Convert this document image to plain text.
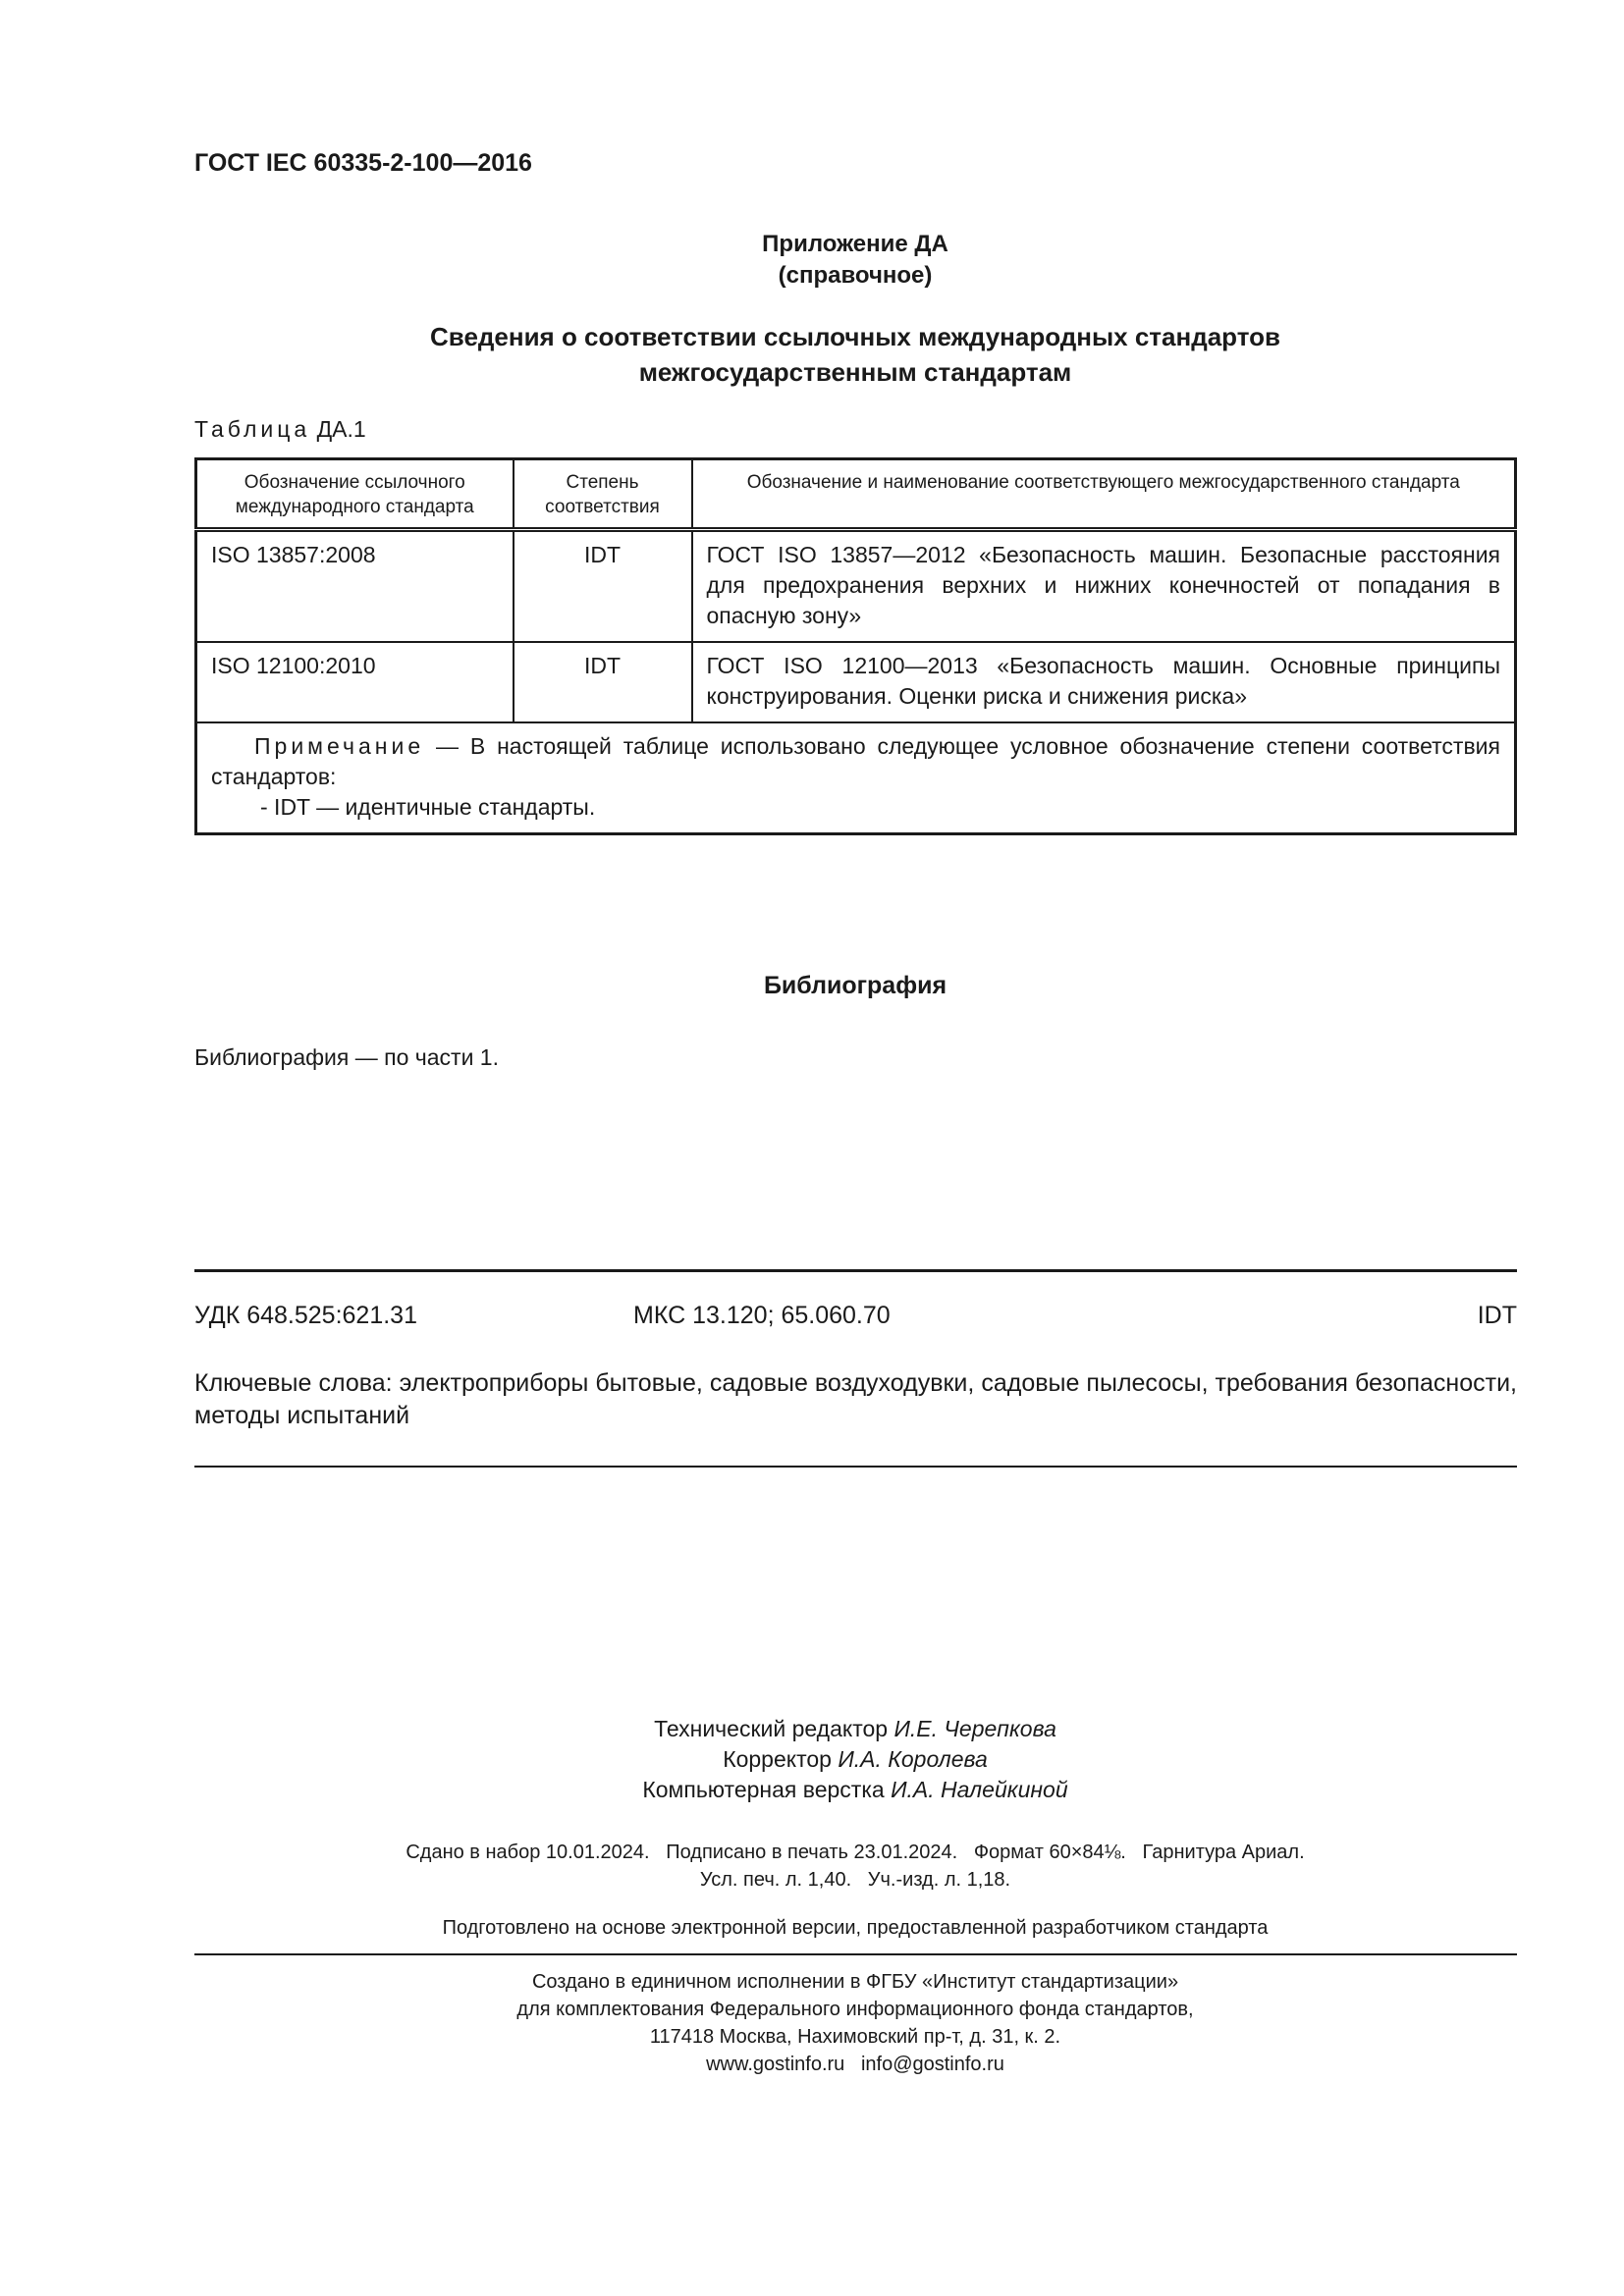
ГОСТ IEC 60335-2-100—2016
Приложение ДА
(справочное)
Сведения о соответствии ссылочных международных стандартов
межгосударственным стандартам
Таблица ДА.1
Обозначение ссылочного международного стандарта	Степень соответствия	Обозначение и наименование соответствующего межгосударственного стандарта
ISO 13857:2008	IDT	ГОСТ ISO 13857—2012 «Безопасность машин. Безопасные расстояния для предохранения верхних и нижних конечностей от попадания в опасную зону»
ISO 12100:2010	IDT	ГОСТ ISO 12100—2013 «Безопасность машин. Основные принципы конструирования. Оценки риска и снижения риска»

Примечание — В настоящей таблице использовано следующее условное обозначение степени соответствия стандартов:
- IDT — идентичные стандарты.		
Библиография
Библиография — по части 1.
УДК 648.525:621.31	МКС 13.120; 65.060.70	IDT
Ключевые слова: электроприборы бытовые, садовые воздуходувки, садовые пылесосы, требования безопасности, методы испытаний
Технический редактор И.Е. Черепкова
Корректор И.А. Королева
Компьютерная верстка И.А. Налейкиной
Сдано в набор 10.01.2024.   Подписано в печать 23.01.2024.   Формат 60×84⅛.   Гарнитура Ариал.
Усл. печ. л. 1,40.   Уч.-изд. л. 1,18.
Подготовлено на основе электронной версии, предоставленной разработчиком стандарта
Создано в единичном исполнении в ФГБУ «Институт стандартизации»
для комплектования Федерального информационного фонда стандартов,
117418 Москва, Нахимовский пр-т, д. 31, к. 2.
www.gostinfo.ru   info@gostinfo.ru
